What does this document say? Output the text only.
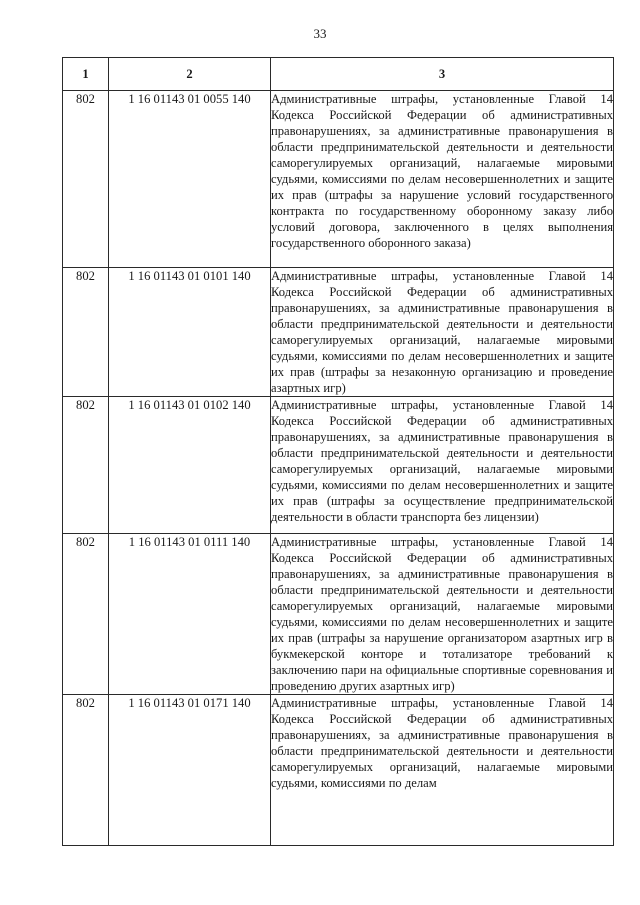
33
1	2	3
802	1 16 01143 01 0055 140	Административные штрафы, установленные Главой 14 Кодекса Российской Федерации об административных правонарушениях, за административные правонарушения в области предпринимательской деятельности и деятельности саморегулируемых организаций, налагаемые мировыми судьями, комиссиями по делам несовершеннолетних и защите их прав (штрафы за нарушение условий государственного контракта по государственному оборонному заказу либо условий договора, заключенного в целях выполнения государственного оборонного заказа)
802	1 16 01143 01 0101 140	Административные штрафы, установленные Главой 14 Кодекса Российской Федерации об административных правонарушениях, за административные правонарушения в области предпринимательской деятельности и деятельности саморегулируемых организаций, налагаемые мировыми судьями, комиссиями по делам несовершеннолетних и защите их прав (штрафы за незаконную организацию и проведение азартных игр)
802	1 16 01143 01 0102 140	Административные штрафы, установленные Главой 14 Кодекса Российской Федерации об административных правонарушениях, за административные правонарушения в области предпринимательской деятельности и деятельности саморегулируемых организаций, налагаемые мировыми судьями, комиссиями по делам несовершеннолетних и защите их прав (штрафы за осуществление предпринимательской деятельности в области транспорта без лицензии)
802	1 16 01143 01 0111 140	Административные штрафы, установленные Главой 14 Кодекса Российской Федерации об административных правонарушениях, за административные правонарушения в области предпринимательской деятельности и деятельности саморегулируемых организаций, налагаемые мировыми судьями, комиссиями по делам несовершеннолетних и защите их прав (штрафы за нарушение организатором азартных игр в букмекерской конторе и тотализаторе требований к заключению пари на официальные спортивные соревнования и проведению других азартных игр)
802	1 16 01143 01 0171 140	Административные штрафы, установленные Главой 14 Кодекса Российской Федерации об административных правонарушениях, за административные правонарушения в области предпринимательской деятельности и деятельности саморегулируемых организаций, налагаемые мировыми судьями, комиссиями по делам
